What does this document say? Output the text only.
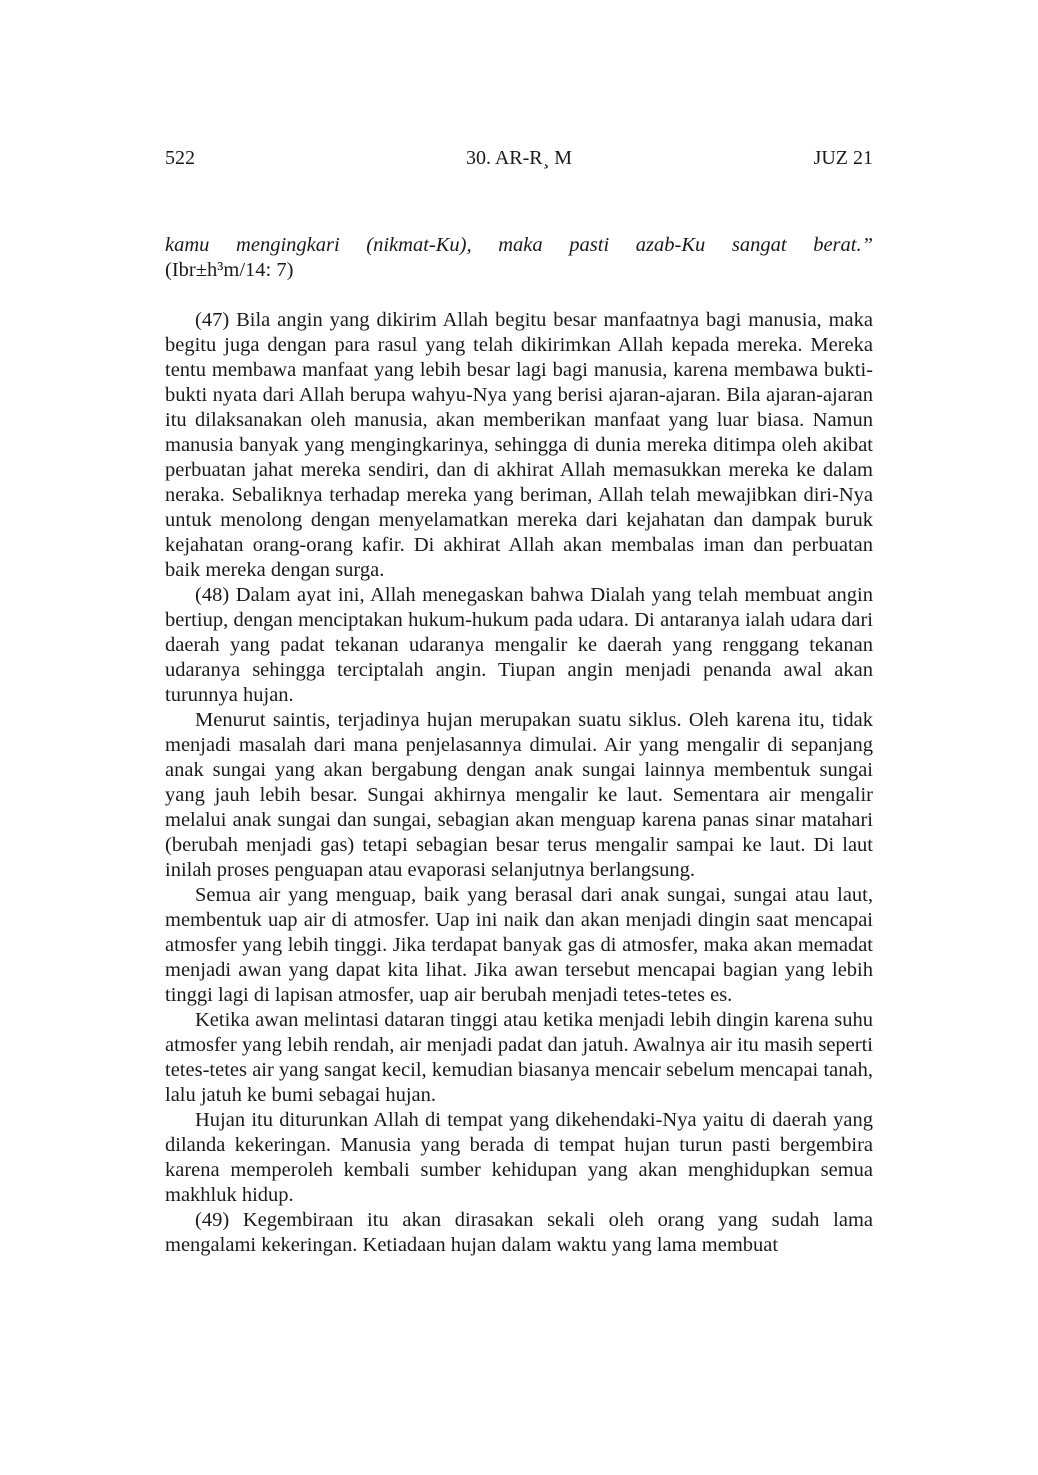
522	30. AR-R¸ M	JUZ 21

kamu mengingkari (nikmat-Ku), maka pasti azab-Ku sangat berat.”

(Ibr±h³m/14: 7)

(47) Bila angin yang dikirim Allah begitu besar manfaatnya bagi manusia, maka begitu juga dengan para rasul yang telah dikirimkan Allah kepada mereka. Mereka tentu membawa manfaat yang lebih besar lagi bagi manusia, karena membawa bukti-bukti nyata dari Allah berupa wahyu-Nya yang berisi ajaran-ajaran. Bila ajaran-ajaran itu dilaksanakan oleh manusia, akan memberikan manfaat yang luar biasa. Namun manusia banyak yang mengingkarinya, sehingga di dunia mereka ditimpa oleh akibat perbuatan jahat mereka sendiri, dan di akhirat Allah memasukkan mereka ke dalam neraka. Sebaliknya terhadap mereka yang beriman, Allah telah mewajibkan diri-Nya untuk menolong dengan menyelamatkan mereka dari kejahatan dan dampak buruk kejahatan orang-orang kafir. Di akhirat Allah akan membalas iman dan perbuatan baik mereka dengan surga.

(48) Dalam ayat ini, Allah menegaskan bahwa Dialah yang telah membuat angin bertiup, dengan menciptakan hukum-hukum pada udara. Di antaranya ialah udara dari daerah yang padat tekanan udaranya mengalir ke daerah yang renggang tekanan udaranya sehingga terciptalah angin. Tiupan angin menjadi penanda awal akan turunnya hujan.

Menurut saintis, terjadinya hujan merupakan suatu siklus. Oleh karena itu, tidak menjadi masalah dari mana penjelasannya dimulai. Air yang mengalir di sepanjang anak sungai yang akan bergabung dengan anak sungai lainnya membentuk sungai yang jauh lebih besar. Sungai akhirnya mengalir ke laut. Sementara air mengalir melalui anak sungai dan sungai, sebagian akan menguap karena panas sinar matahari (berubah menjadi gas) tetapi sebagian besar terus mengalir sampai ke laut. Di laut inilah proses penguapan atau evaporasi selanjutnya berlangsung.

Semua air yang menguap, baik yang berasal dari anak sungai, sungai atau laut, membentuk uap air di atmosfer. Uap ini naik dan akan menjadi dingin saat mencapai atmosfer yang lebih tinggi. Jika terdapat banyak gas di atmosfer, maka akan memadat menjadi awan yang dapat kita lihat. Jika awan tersebut mencapai bagian yang lebih tinggi lagi di lapisan atmosfer, uap air berubah menjadi tetes-tetes es.

Ketika awan melintasi dataran tinggi atau ketika menjadi lebih dingin karena suhu atmosfer yang lebih rendah, air menjadi padat dan jatuh. Awalnya air itu masih seperti tetes-tetes air yang sangat kecil, kemudian biasanya mencair sebelum mencapai tanah, lalu jatuh ke bumi sebagai hujan.

Hujan itu diturunkan Allah di tempat yang dikehendaki-Nya yaitu di daerah yang dilanda kekeringan. Manusia yang berada di tempat hujan turun pasti bergembira karena memperoleh kembali sumber kehidupan yang akan menghidupkan semua makhluk hidup.

(49) Kegembiraan itu akan dirasakan sekali oleh orang yang sudah lama mengalami kekeringan. Ketiadaan hujan dalam waktu yang lama membuat
